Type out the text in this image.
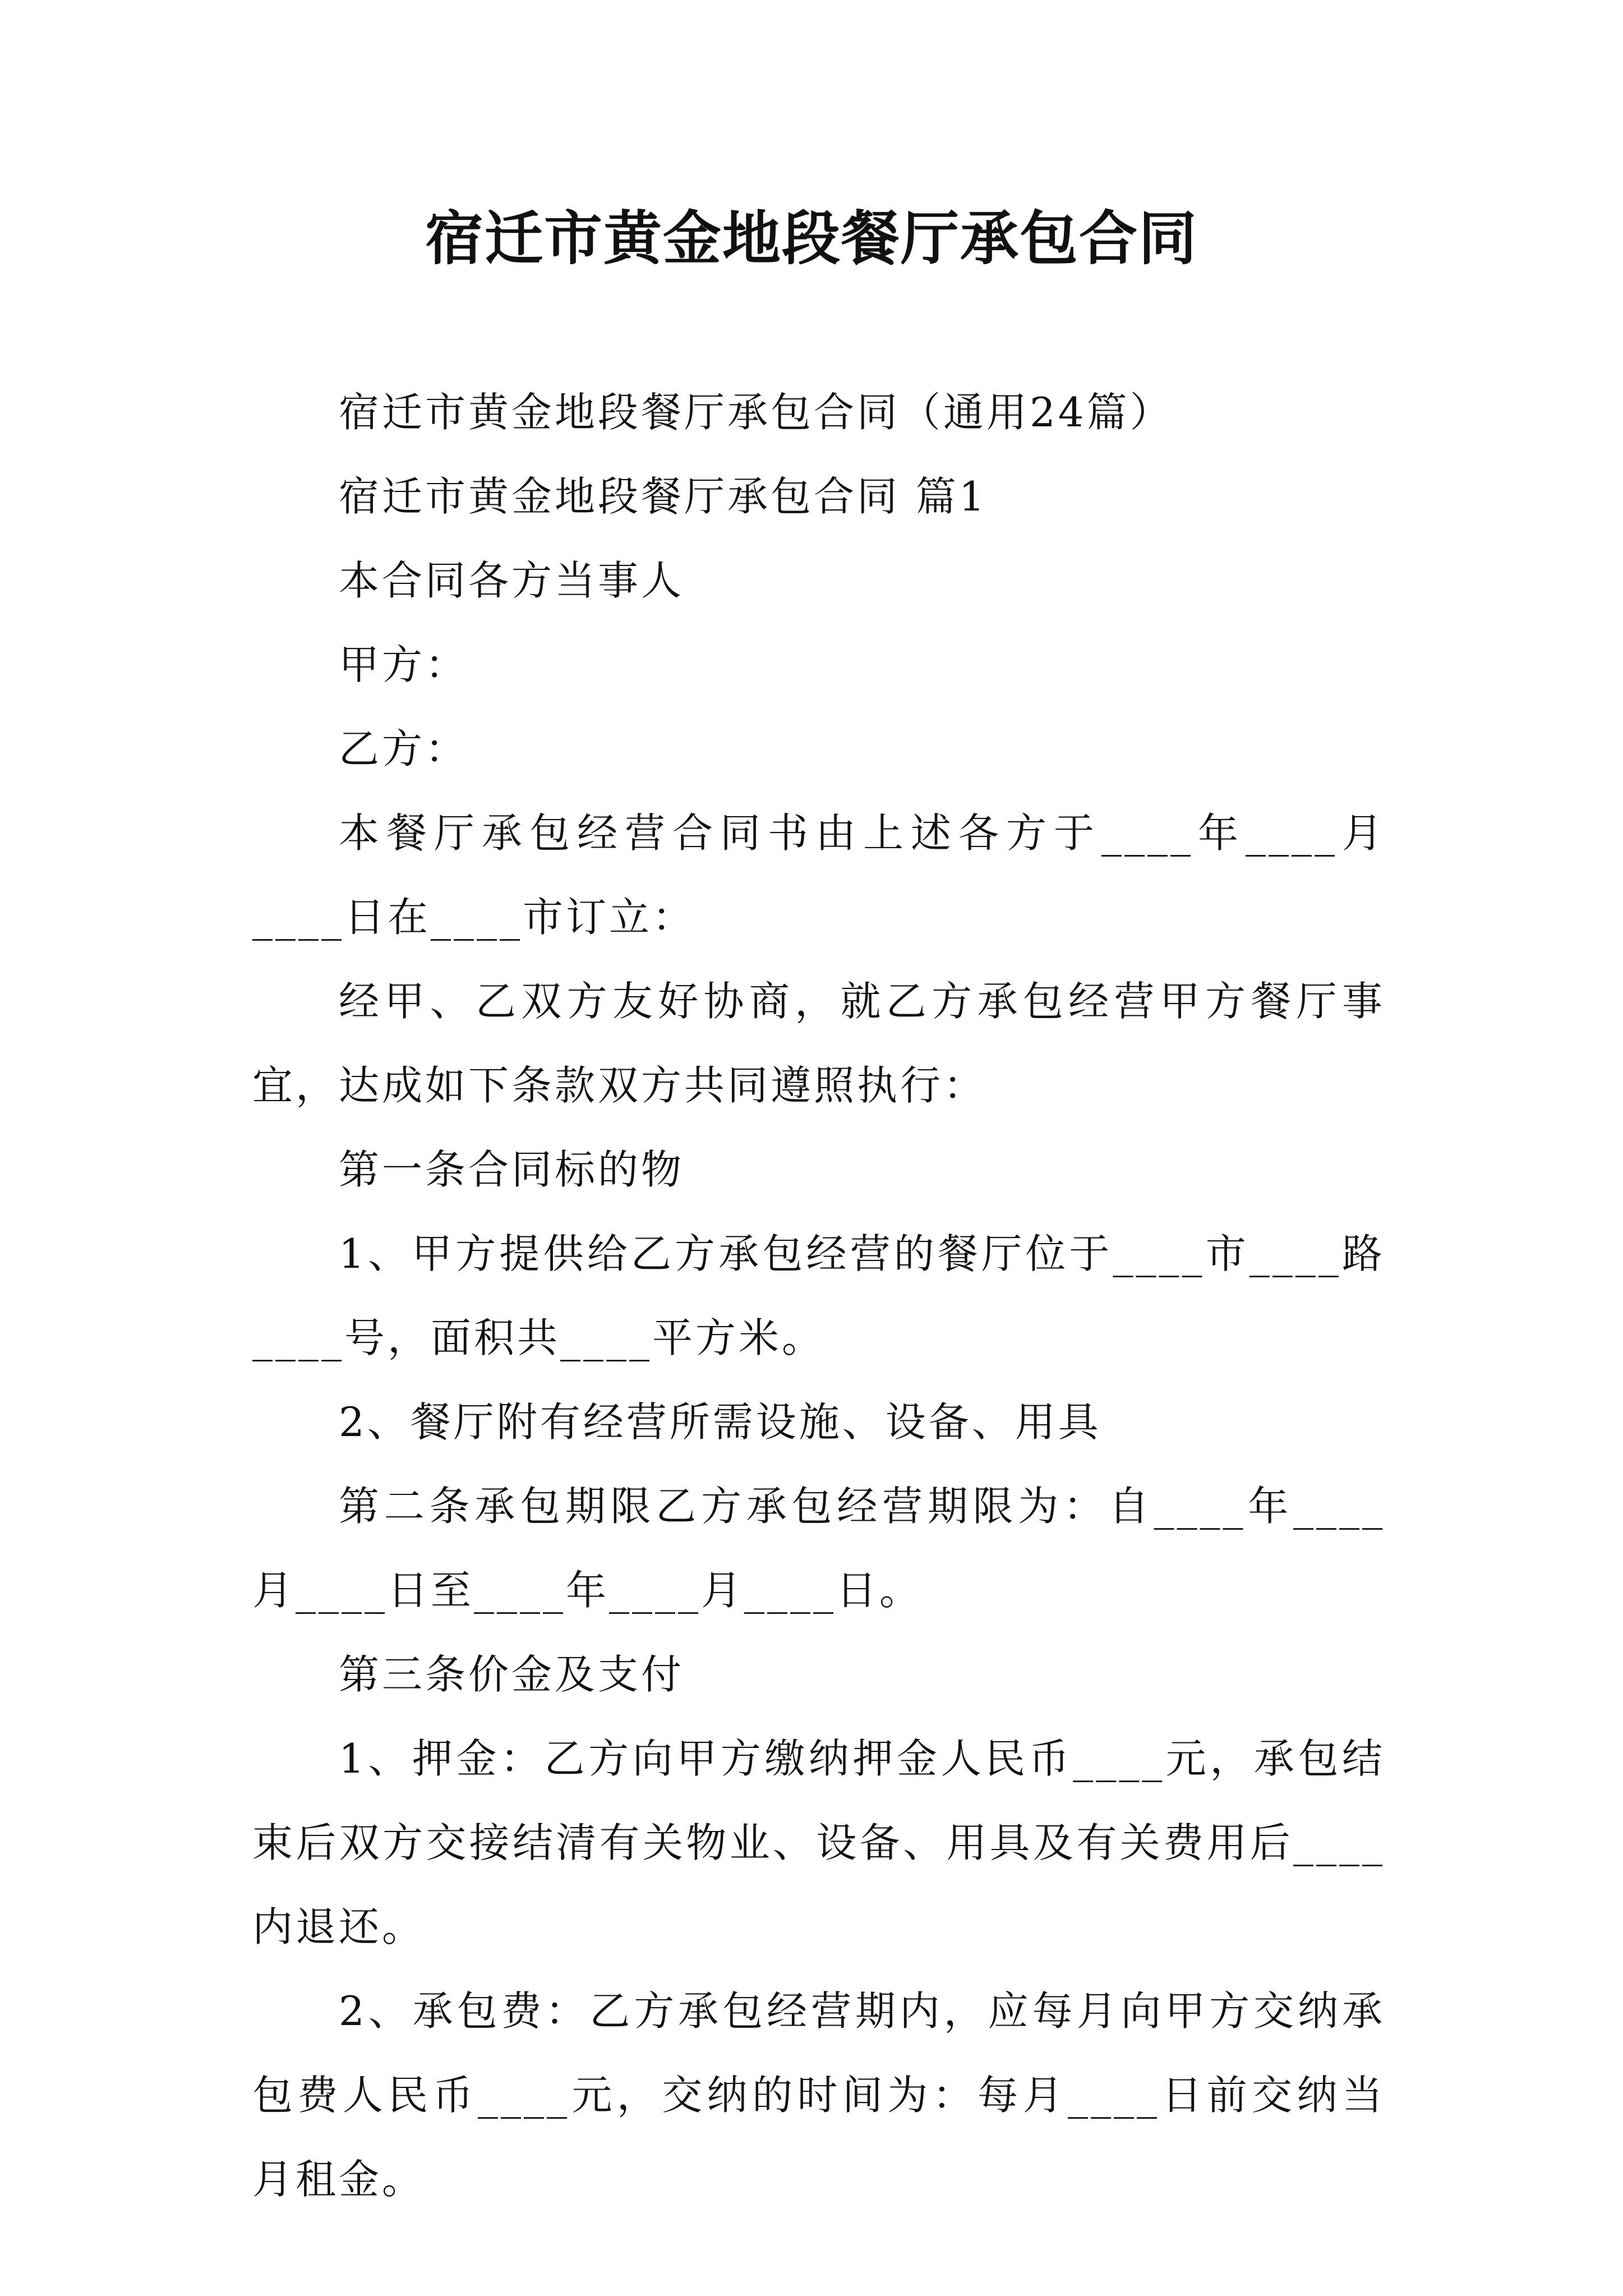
宿迁市黄金地段餐厅承包合同

宿迁市黄金地段餐厅承包合同（通用24篇）

宿迁市黄金地段餐厅承包合同 篇1

本合同各方当事人

甲方：

乙方：

本餐厅承包经营合同书由上述各方于____年____月____日在____市订立：

经甲、乙双方友好协商，就乙方承包经营甲方餐厅事宜，达成如下条款双方共同遵照执行：

第一条合同标的物

1、甲方提供给乙方承包经营的餐厅位于____市____路____号，面积共____平方米。

2、餐厅附有经营所需设施、设备、用具

第二条承包期限乙方承包经营期限为：自____年____月____日至____年____月____日。

第三条价金及支付

1、押金：乙方向甲方缴纳押金人民币____元，承包结束后双方交接结清有关物业、设备、用具及有关费用后____内退还。

2、承包费：乙方承包经营期内，应每月向甲方交纳承包费人民币____元，交纳的时间为：每月____日前交纳当月租金。
